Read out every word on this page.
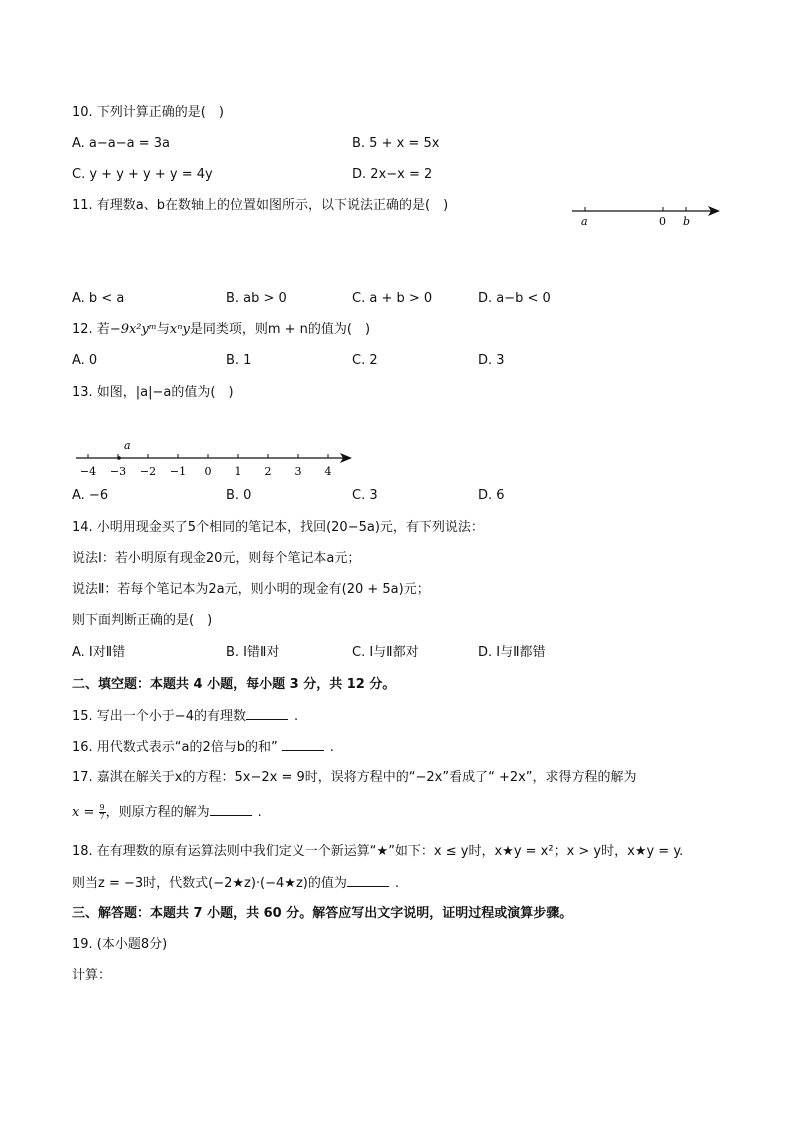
10. 下列计算正确的是( )
A. a−a−a = 3a	B. 5 + x = 5x
C. y + y + y + y = 4y	D. 2x−x = 2
11. 有理数a、b在数轴上的位置如图所示，以下说法正确的是( )
a	0 b
A. b < a	B. ab > 0	C. a + b > 0	D. a−b < 0
12. 若−9x²yᵐ与xⁿy是同类项，则m + n的值为( )
A. 0	B. 1	C. 2	D. 3
13. 如图，|a|−a的值为( )
−4 −3 −2 −1 0 1 2 3 4
a
A. −6	B. 0	C. 3	D. 6
14. 小明用现金买了5个相同的笔记本，找回(20−5a)元，有下列说法：
说法Ⅰ：若小明原有现金20元，则每个笔记本a元；
说法Ⅱ：若每个笔记本为2a元，则小明的现金有(20 + 5a)元；
则下面判断正确的是( )
A. Ⅰ对Ⅱ错	B. Ⅰ错Ⅱ对	C. Ⅰ与Ⅱ都对	D. Ⅰ与Ⅱ都错
二、填空题：本题共 4 小题，每小题 3 分，共 12 分。
15. 写出一个小于−4的有理数	.
16. 用代数式表示“a的2倍与b的和”	.
17. 嘉淇在解关于x的方程：5x−2x = 9时，误将方程中的“−2x”看成了“ +2x”，求得方程的解为
$x = \frac{9}{7}$ ，则原方程的解为	.
18. 在有理数的原有运算法则中我们定义一个新运算“★”如下：x ≤ y时，x★y = x²；x > y时，x★y = y.
则当z = −3时，代数式(−2★z)·(−4★z)的值为	.
三、解答题：本题共 7 小题，共 60 分。解答应写出文字说明，证明过程或演算步骤。
19. (本小题8分)
计算：
